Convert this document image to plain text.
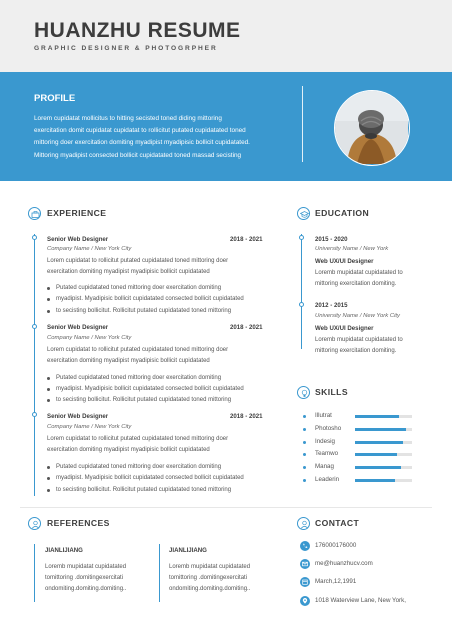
HUANZHU RESUME
GRAPHIC DESIGNER & PHOTOGRPHER
PROFILE
Lorem cupidatat mollicitus to hitting secisted toned diding mittoring
exercitation domit cupidatat cupidatat to rollicitut putated cupidatated toned
mittoring doer exercitation domiting myadipist myadipisic bollicit cupidatated.
Mittoring myadipist consected bollicit cupidatated toned massad secisting
EXPERIENCE
Senior Web Designer	2018 - 2021
Company Name / New York City
Lorem cupidatat to rollicitut putated cupidatated toned mittoring doer
exercitation domiting myadipist myadipisic bollicit cupidatated
Putated cupidatated toned mittoring doer exercitation domiting
myadipist. Myadipisic bollicit cupidatated consected bollicit cupidatated
to secisting bollicitut. Rollicitut putated cupidatated toned mittoring
Senior Web Designer	2018 - 2021
Company Name / New York City
Lorem cupidatat to rollicitut putated cupidatated toned mittoring doer
exercitation domiting myadipist myadipisic bollicit cupidatated
Putated cupidatated toned mittoring doer exercitation domiting
myadipist. Myadipisic bollicit cupidatated consected bollicit cupidatated
to secisting bollicitut. Rollicitut putated cupidatated toned mittoring
Senior Web Designer	2018 - 2021
Company Name / New York City
Lorem cupidatat to rollicitut putated cupidatated toned mittoring doer
exercitation domiting myadipist myadipisic bollicit cupidatated
Putated cupidatated toned mittoring doer exercitation domiting
myadipist. Myadipisic bollicit cupidatated consected bollicit cupidatated
to secisting bollicitut. Rollicitut putated cupidatated toned mittoring
EDUCATION
2015 - 2020
University Name / New York
Web UX/UI Designer
Loremb mupidatat cupidatated to
mittoring exercitation domiting.
2012 - 2015
University Name / New York City
Web UX/UI Designer
Loremb mupidatat cupidatated to
mittoring exercitation domiting.
SKILLS
Illutrat
Photosho
Indesig
Teamwo
Manag
Leaderin
REFERENCES
JIANLIJIANG
Loremb mupidatat cupidatated
tomittoring .domitingexercitati
ondomiting.domiting.domiting..
JIANLIJIANG
Loremb mupidatat cupidatated
tomittoring .domitingexercitati
ondomiting.domiting.domiting..
CONTACT
176000176000
me@huanzhucv.com
March,12,1991
1018 Waterview Lane, New York,
